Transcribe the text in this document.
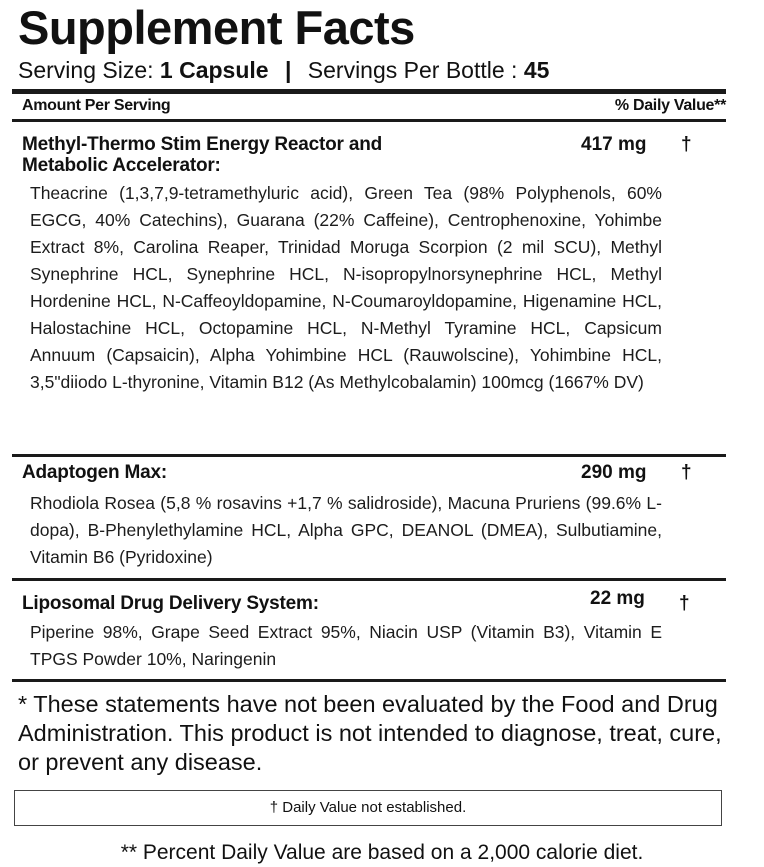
Supplement Facts
Serving Size: 1 Capsule | Servings Per Bottle : 45
Amount Per Serving	% Daily Value**
Methyl-Thermo Stim Energy Reactor and Metabolic Accelerator:
417 mg †
Theacrine (1,3,7,9-tetramethyluric acid), Green Tea (98% Polyphenols, 60% EGCG, 40% Catechins), Guarana (22% Caffeine), Centrophenoxine, Yohimbe Extract 8%, Carolina Reaper, Trinidad Moruga Scorpion (2 mil SCU), Methyl Synephrine HCL, Synephrine HCL, N-isopropylnorsynephrine HCL, Methyl Hordenine HCL, N-Caffeoyldopamine, N-Coumaroyldopamine, Higenamine HCL, Halostachine HCL, Octopamine HCL, N-Methyl Tyramine HCL, Capsicum Annuum (Capsaicin), Alpha Yohimbine HCL (Rauwolscine), Yohimbine HCL, 3,5"diiodo L-thyronine, Vitamin B12 (As Methylcobalamin) 100mcg (1667% DV)
Adaptogen Max:	290 mg †
Rhodiola Rosea (5,8 % rosavins +1,7 % salidroside), Macuna Pruriens (99.6% L-dopa), B-Phenylethylamine HCL, Alpha GPC, DEANOL (DMEA), Sulbutiamine, Vitamin B6 (Pyridoxine)
Liposomal Drug Delivery System:	22 mg †
Piperine 98%, Grape Seed Extract 95%, Niacin USP (Vitamin B3), Vitamin E TPGS Powder 10%, Naringenin
* These statements have not been evaluated by the Food and Drug Administration. This product is not intended to diagnose, treat, cure, or prevent any disease.
† Daily Value not established.
** Percent Daily Value are based on a 2,000 calorie diet.
